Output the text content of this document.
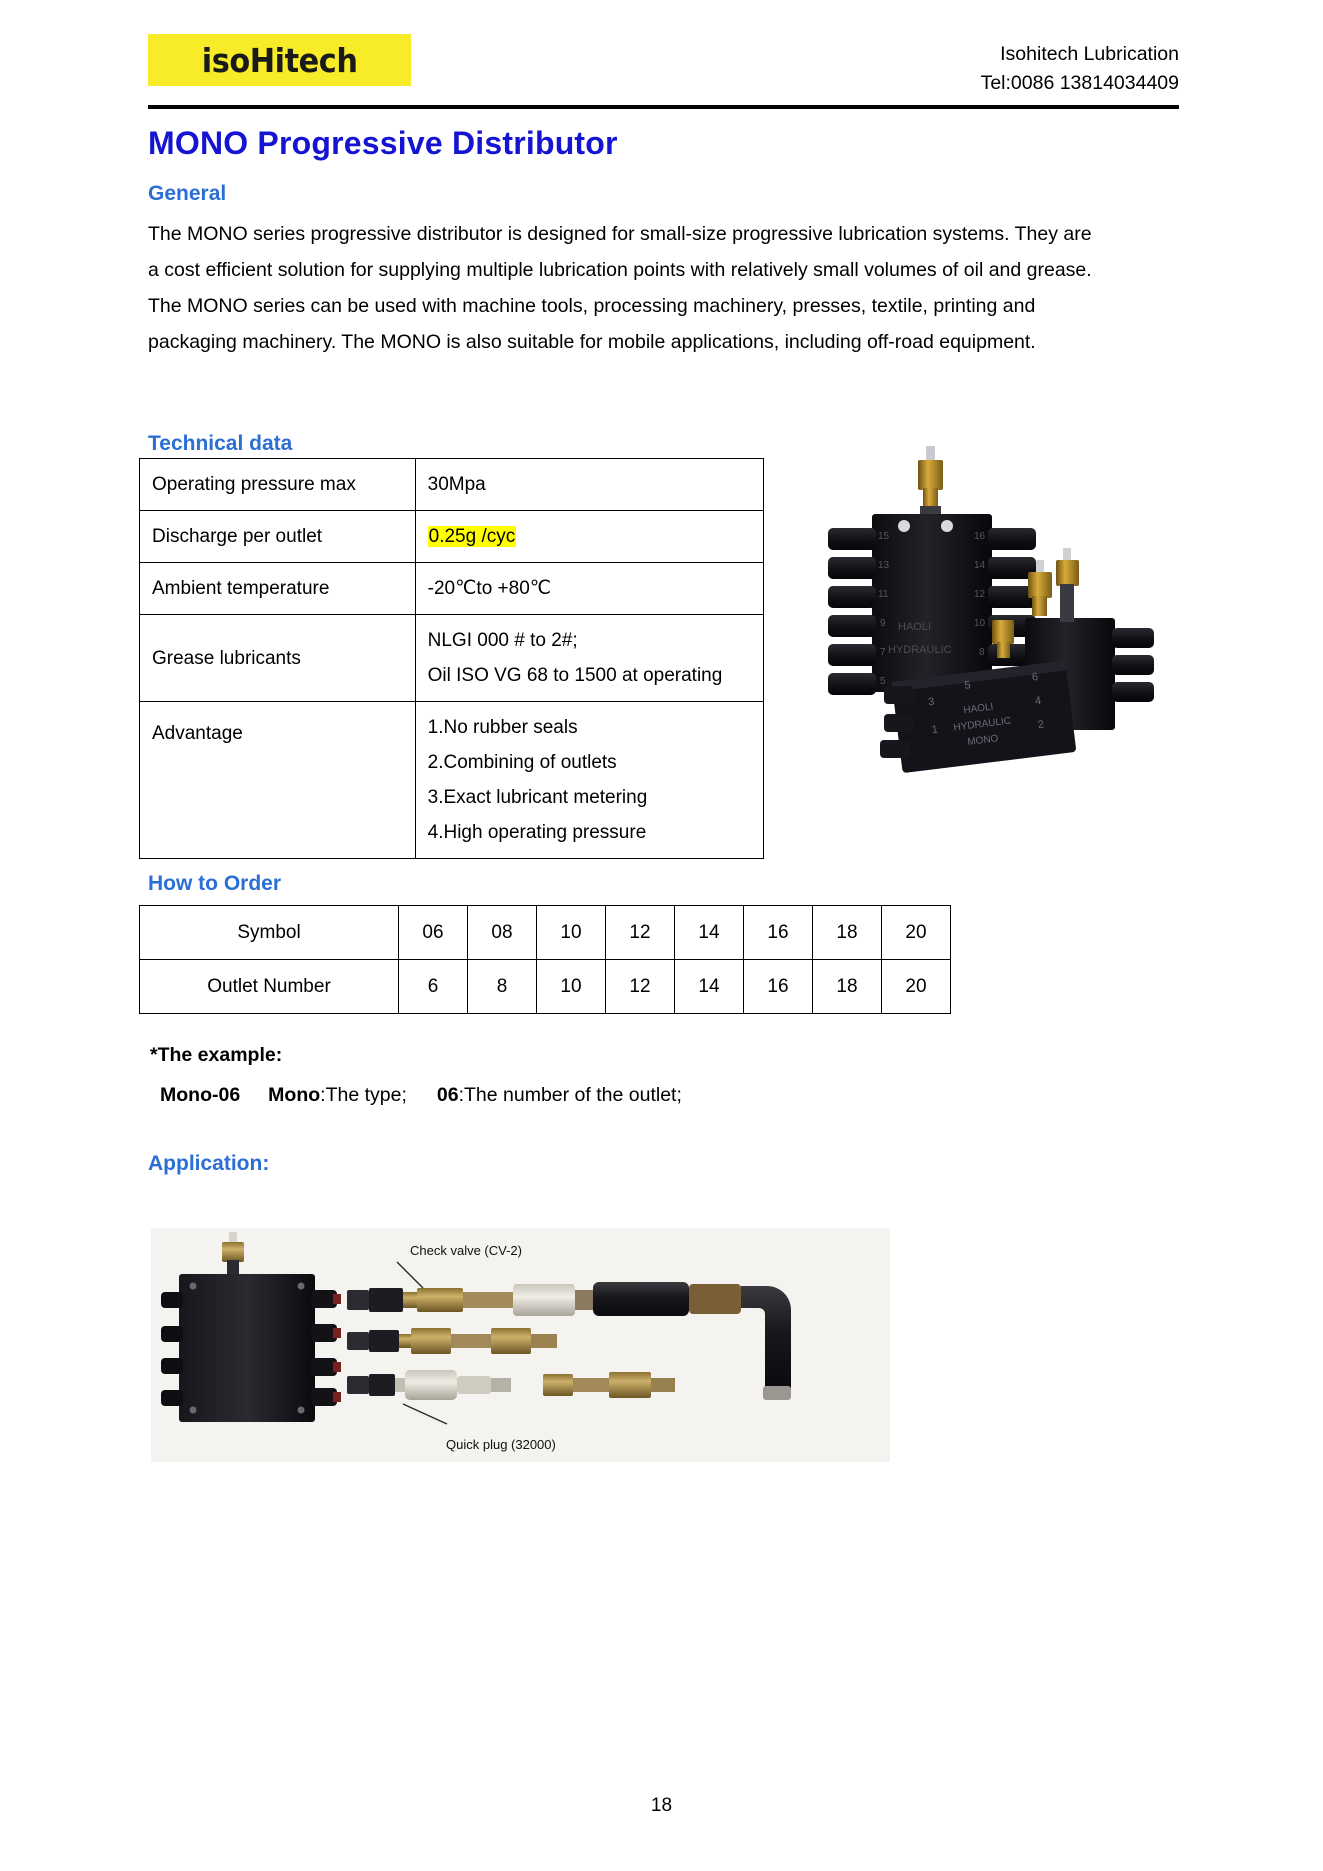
isoHitech	Isohitech Lubrication
Tel:0086 13814034409
MONO Progressive Distributor
General
The MONO series progressive distributor is designed for small-size progressive lubrication systems. They are
a cost efficient solution for supplying multiple lubrication points with relatively small volumes of oil and grease.
The MONO series can be used with machine tools, processing machinery, presses, textile, printing and
packaging machinery. The MONO is also suitable for mobile applications, including off-road equipment.
Technical data
Operating pressure max	30Mpa
Discharge per outlet	0.25g /cyc
Ambient temperature	-20℃to +80℃
Grease lubricants	NLGI 000 # to 2#;
Oil ISO VG 68 to 1500 at operating

Advantage	1.No rubber seals
2.Combining of outlets
3.Exact lubricant metering
4.High operating pressure
15
13
11
9
7
5
16
14
12
10
8
HAOLI
HYDRAULIC
3
1
5
6
4
2
HAOLI
HYDRAULIC
MONO
How to Order
Symbol	06	08	10	12	14	16	18	20
Outlet Number	6	8	10	12	14	16	18	20
*The example:
Mono-06 Mono:The type; 06:The number of the outlet;
Application:
Check valve (CV-2)
Quick plug (32000)
18
